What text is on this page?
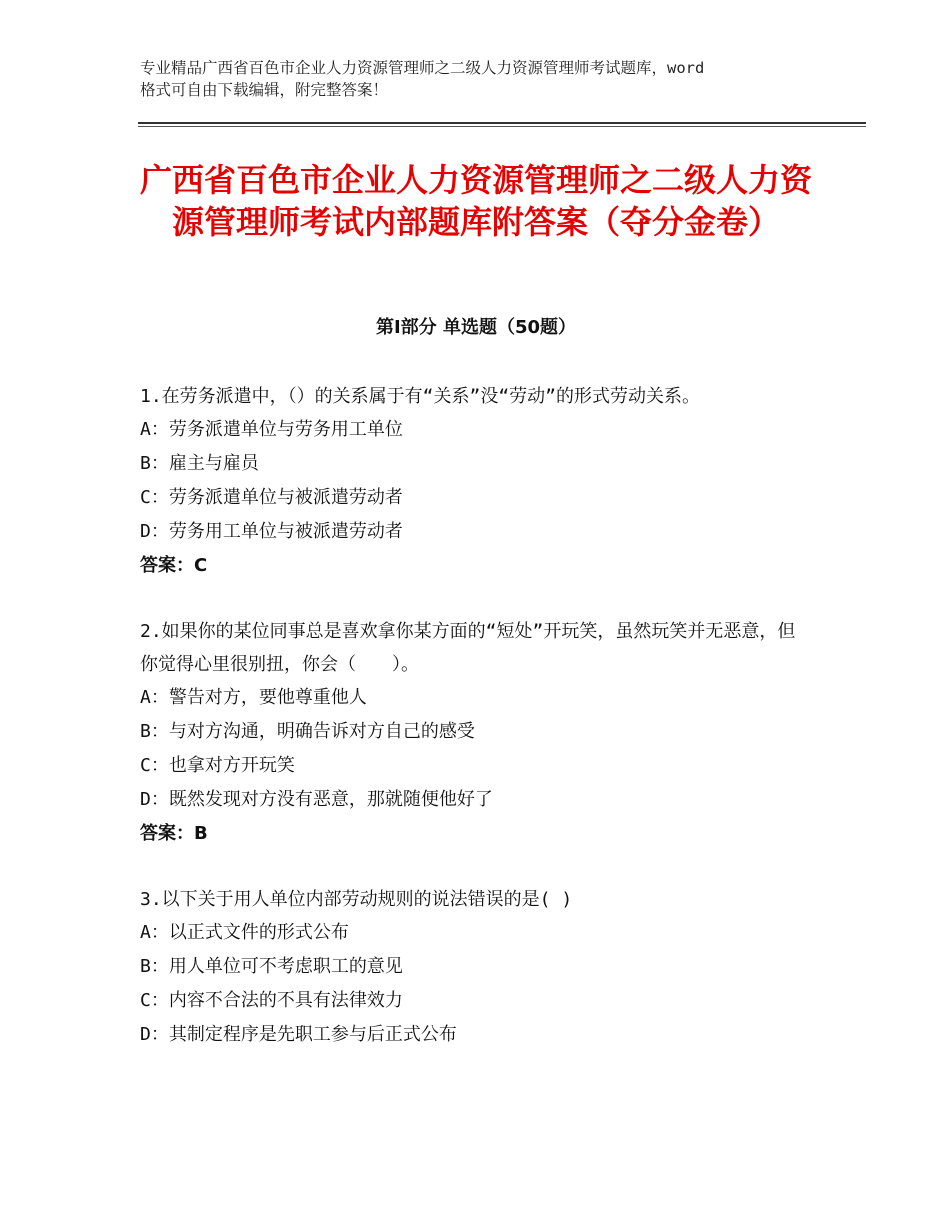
专业精品广西省百色市企业人力资源管理师之二级人力资源管理师考试题库，word
格式可自由下载编辑，附完整答案！
广西省百色市企业人力资源管理师之二级人力资源管理师考试内部题库附答案（夺分金卷）
第Ⅰ部分 单选题（50题）
1.在劳务派遣中，（）的关系属于有“关系”没“劳动”的形式劳动关系。
A：劳务派遣单位与劳务用工单位
B：雇主与雇员
C：劳务派遣单位与被派遣劳动者
D：劳务用工单位与被派遣劳动者
答案：C
2.如果你的某位同事总是喜欢拿你某方面的“短处”开玩笑，虽然玩笑并无恶意，但你觉得心里很别扭，你会（　　）。
A：警告对方，要他尊重他人
B：与对方沟通，明确告诉对方自己的感受
C：也拿对方开玩笑
D：既然发现对方没有恶意，那就随便他好了
答案：B
3.以下关于用人单位内部劳动规则的说法错误的是( )
A：以正式文件的形式公布
B：用人单位可不考虑职工的意见
C：内容不合法的不具有法律效力
D：其制定程序是先职工参与后正式公布
